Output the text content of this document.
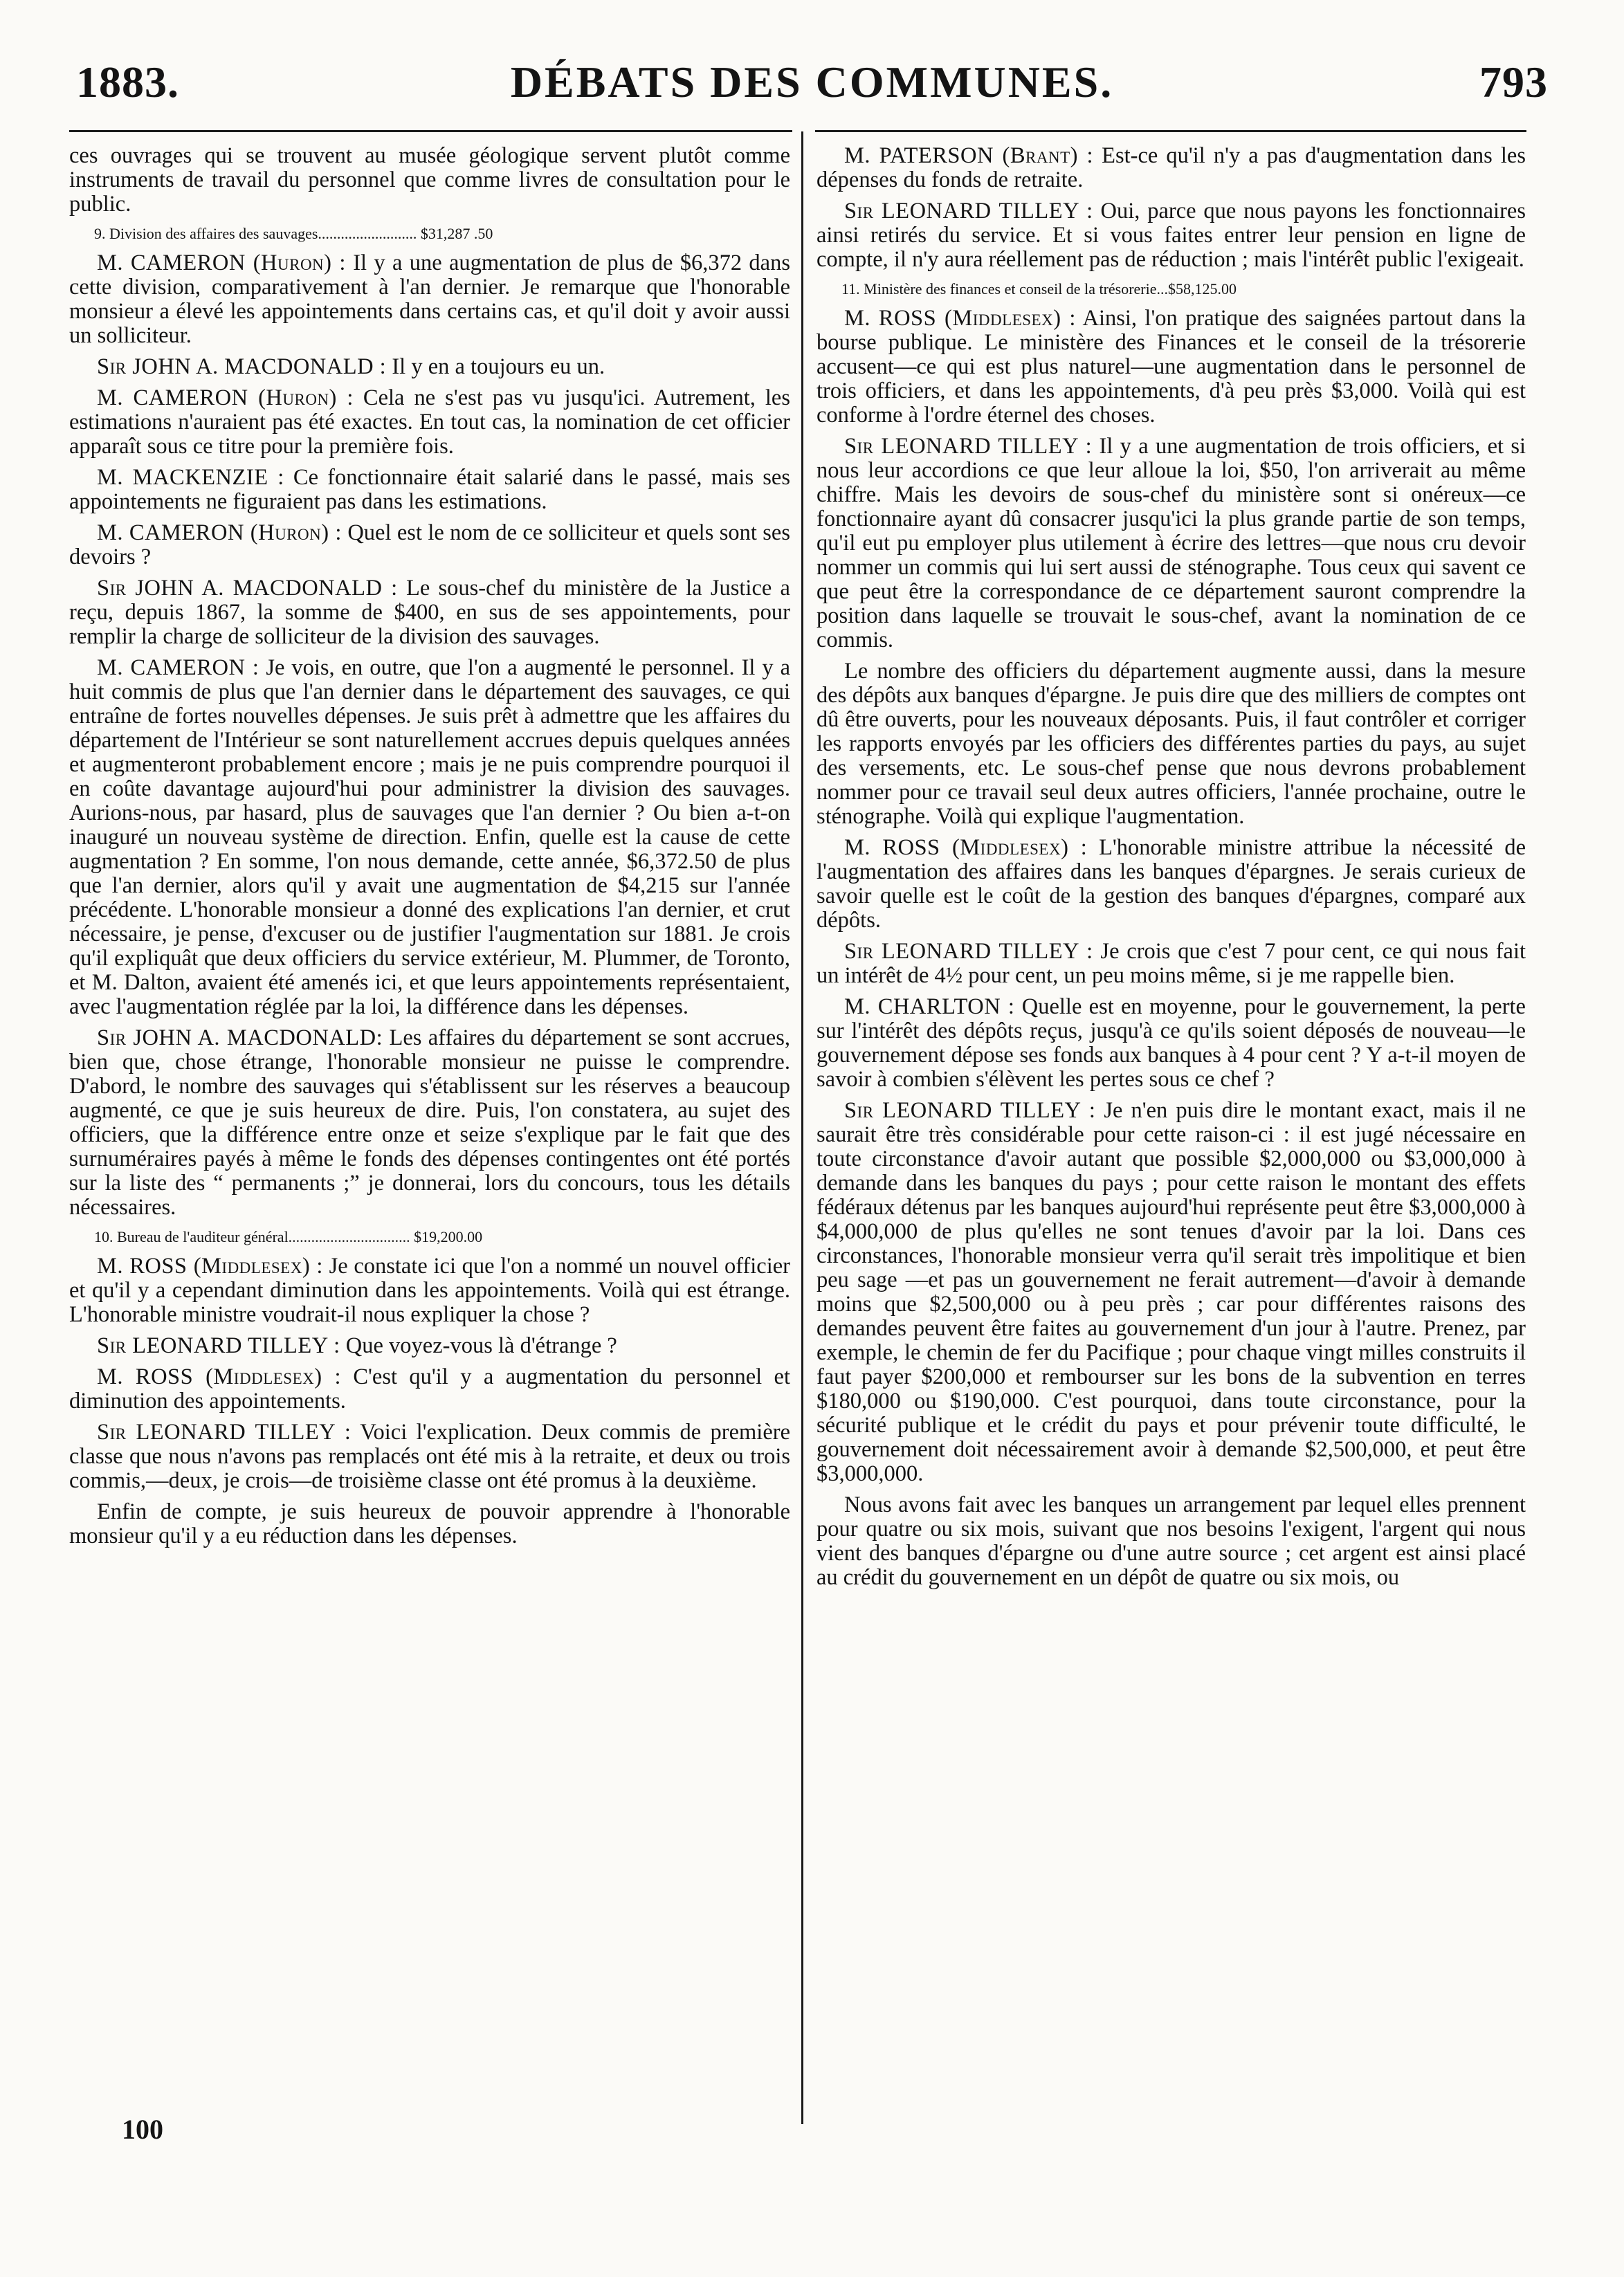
1883.	DÉBATS DES COMMUNES.	793

ces ouvrages qui se trouvent au musée géologique servent plutôt comme instruments de travail du personnel que comme livres de consultation pour le public.

9. Division des affaires des sauvages.......................... $31,287 .50

M. CAMERON (Huron) : Il y a une augmentation de plus de $6,372 dans cette division, comparativement à l'an dernier. Je remarque que l'honorable monsieur a élevé les appointements dans certains cas, et qu'il doit y avoir aussi un solliciteur.

Sir JOHN A. MACDONALD : Il y en a toujours eu un.

M. CAMERON (Huron) : Cela ne s'est pas vu jusqu'ici. Autrement, les estimations n'auraient pas été exactes. En tout cas, la nomination de cet officier apparaît sous ce titre pour la première fois.

M. MACKENZIE : Ce fonctionnaire était salarié dans le passé, mais ses appointements ne figuraient pas dans les estimations.

M. CAMERON (Huron) : Quel est le nom de ce solliciteur et quels sont ses devoirs ?

Sir JOHN A. MACDONALD : Le sous-chef du ministère de la Justice a reçu, depuis 1867, la somme de $400, en sus de ses appointements, pour remplir la charge de solliciteur de la division des sauvages.

M. CAMERON : Je vois, en outre, que l'on a augmenté le personnel. Il y a huit commis de plus que l'an dernier dans le département des sauvages, ce qui entraîne de fortes nouvelles dépenses. Je suis prêt à admettre que les affaires du département de l'Intérieur se sont naturellement accrues depuis quelques années et augmenteront probablement encore ; mais je ne puis comprendre pourquoi il en coûte davantage aujourd'hui pour administrer la division des sauvages. Aurions-nous, par hasard, plus de sauvages que l'an dernier ? Ou bien a-t-on inauguré un nouveau système de direction. Enfin, quelle est la cause de cette augmentation ? En somme, l'on nous demande, cette année, $6,372.50 de plus que l'an dernier, alors qu'il y avait une augmentation de $4,215 sur l'année précédente. L'honorable monsieur a donné des explications l'an dernier, et crut nécessaire, je pense, d'excuser ou de justifier l'augmentation sur 1881. Je crois qu'il expliquât que deux officiers du service extérieur, M. Plummer, de Toronto, et M. Dalton, avaient été amenés ici, et que leurs appointements représentaient, avec l'augmentation réglée par la loi, la différence dans les dépenses.

Sir JOHN A. MACDONALD: Les affaires du département se sont accrues, bien que, chose étrange, l'honorable monsieur ne puisse le comprendre. D'abord, le nombre des sauvages qui s'établissent sur les réserves a beaucoup augmenté, ce que je suis heureux de dire. Puis, l'on constatera, au sujet des officiers, que la différence entre onze et seize s'explique par le fait que des surnuméraires payés à même le fonds des dépenses contingentes ont été portés sur la liste des “ permanents ;” je donnerai, lors du concours, tous les détails nécessaires.

10. Bureau de l'auditeur général................................ $19,200.00

M. ROSS (Middlesex) : Je constate ici que l'on a nommé un nouvel officier et qu'il y a cependant diminution dans les appointements. Voilà qui est étrange. L'honorable ministre voudrait-il nous expliquer la chose ?

Sir LEONARD TILLEY : Que voyez-vous là d'étrange ?

M. ROSS (Middlesex) : C'est qu'il y a augmentation du personnel et diminution des appointements.

Sir LEONARD TILLEY : Voici l'explication. Deux commis de première classe que nous n'avons pas remplacés ont été mis à la retraite, et deux ou trois commis,—deux, je crois—de troisième classe ont été promus à la deuxième.

Enfin de compte, je suis heureux de pouvoir apprendre à l'honorable monsieur qu'il y a eu réduction dans les dépenses.

M. PATERSON (Brant) : Est-ce qu'il n'y a pas d'augmentation dans les dépenses du fonds de retraite.

Sir LEONARD TILLEY : Oui, parce que nous payons les fonctionnaires ainsi retirés du service. Et si vous faites entrer leur pension en ligne de compte, il n'y aura réellement pas de réduction ; mais l'intérêt public l'exigeait.

11. Ministère des finances et conseil de la trésorerie...$58,125.00

M. ROSS (Middlesex) : Ainsi, l'on pratique des saignées partout dans la bourse publique. Le ministère des Finances et le conseil de la trésorerie accusent—ce qui est plus naturel—une augmentation dans le personnel de trois officiers, et dans les appointements, d'à peu près $3,000. Voilà qui est conforme à l'ordre éternel des choses.

Sir LEONARD TILLEY : Il y a une augmentation de trois officiers, et si nous leur accordions ce que leur alloue la loi, $50, l'on arriverait au même chiffre. Mais les devoirs de sous-chef du ministère sont si onéreux—ce fonctionnaire ayant dû consacrer jusqu'ici la plus grande partie de son temps, qu'il eut pu employer plus utilement à écrire des lettres—que nous cru devoir nommer un commis qui lui sert aussi de sténographe. Tous ceux qui savent ce que peut être la correspondance de ce département sauront comprendre la position dans laquelle se trouvait le sous-chef, avant la nomination de ce commis.

Le nombre des officiers du département augmente aussi, dans la mesure des dépôts aux banques d'épargne. Je puis dire que des milliers de comptes ont dû être ouverts, pour les nouveaux déposants. Puis, il faut contrôler et corriger les rapports envoyés par les officiers des différentes parties du pays, au sujet des versements, etc. Le sous-chef pense que nous devrons probablement nommer pour ce travail seul deux autres officiers, l'année prochaine, outre le sténographe. Voilà qui explique l'augmentation.

M. ROSS (Middlesex) : L'honorable ministre attribue la nécessité de l'augmentation des affaires dans les banques d'épargnes. Je serais curieux de savoir quelle est le coût de la gestion des banques d'épargnes, comparé aux dépôts.

Sir LEONARD TILLEY : Je crois que c'est 7 pour cent, ce qui nous fait un intérêt de 4½ pour cent, un peu moins même, si je me rappelle bien.

M. CHARLTON : Quelle est en moyenne, pour le gouvernement, la perte sur l'intérêt des dépôts reçus, jusqu'à ce qu'ils soient déposés de nouveau—le gouvernement dépose ses fonds aux banques à 4 pour cent ? Y a-t-il moyen de savoir à combien s'élèvent les pertes sous ce chef ?

Sir LEONARD TILLEY : Je n'en puis dire le montant exact, mais il ne saurait être très considérable pour cette raison-ci : il est jugé nécessaire en toute circonstance d'avoir autant que possible $2,000,000 ou $3,000,000 à demande dans les banques du pays ; pour cette raison le montant des effets fédéraux détenus par les banques aujourd'hui représente peut être $3,000,000 à $4,000,000 de plus qu'elles ne sont tenues d'avoir par la loi. Dans ces circonstances, l'honorable monsieur verra qu'il serait très impolitique et bien peu sage —et pas un gouvernement ne ferait autrement—d'avoir à demande moins que $2,500,000 ou à peu près ; car pour différentes raisons des demandes peuvent être faites au gouvernement d'un jour à l'autre. Prenez, par exemple, le chemin de fer du Pacifique ; pour chaque vingt milles construits il faut payer $200,000 et rembourser sur les bons de la subvention en terres $180,000 ou $190,000. C'est pourquoi, dans toute circonstance, pour la sécurité publique et le crédit du pays et pour prévenir toute difficulté, le gouvernement doit nécessairement avoir à demande $2,500,000, et peut être $3,000,000.

Nous avons fait avec les banques un arrangement par lequel elles prennent pour quatre ou six mois, suivant que nos besoins l'exigent, l'argent qui nous vient des banques d'épargne ou d'une autre source ; cet argent est ainsi placé au crédit du gouvernement en un dépôt de quatre ou six mois, ou

100
